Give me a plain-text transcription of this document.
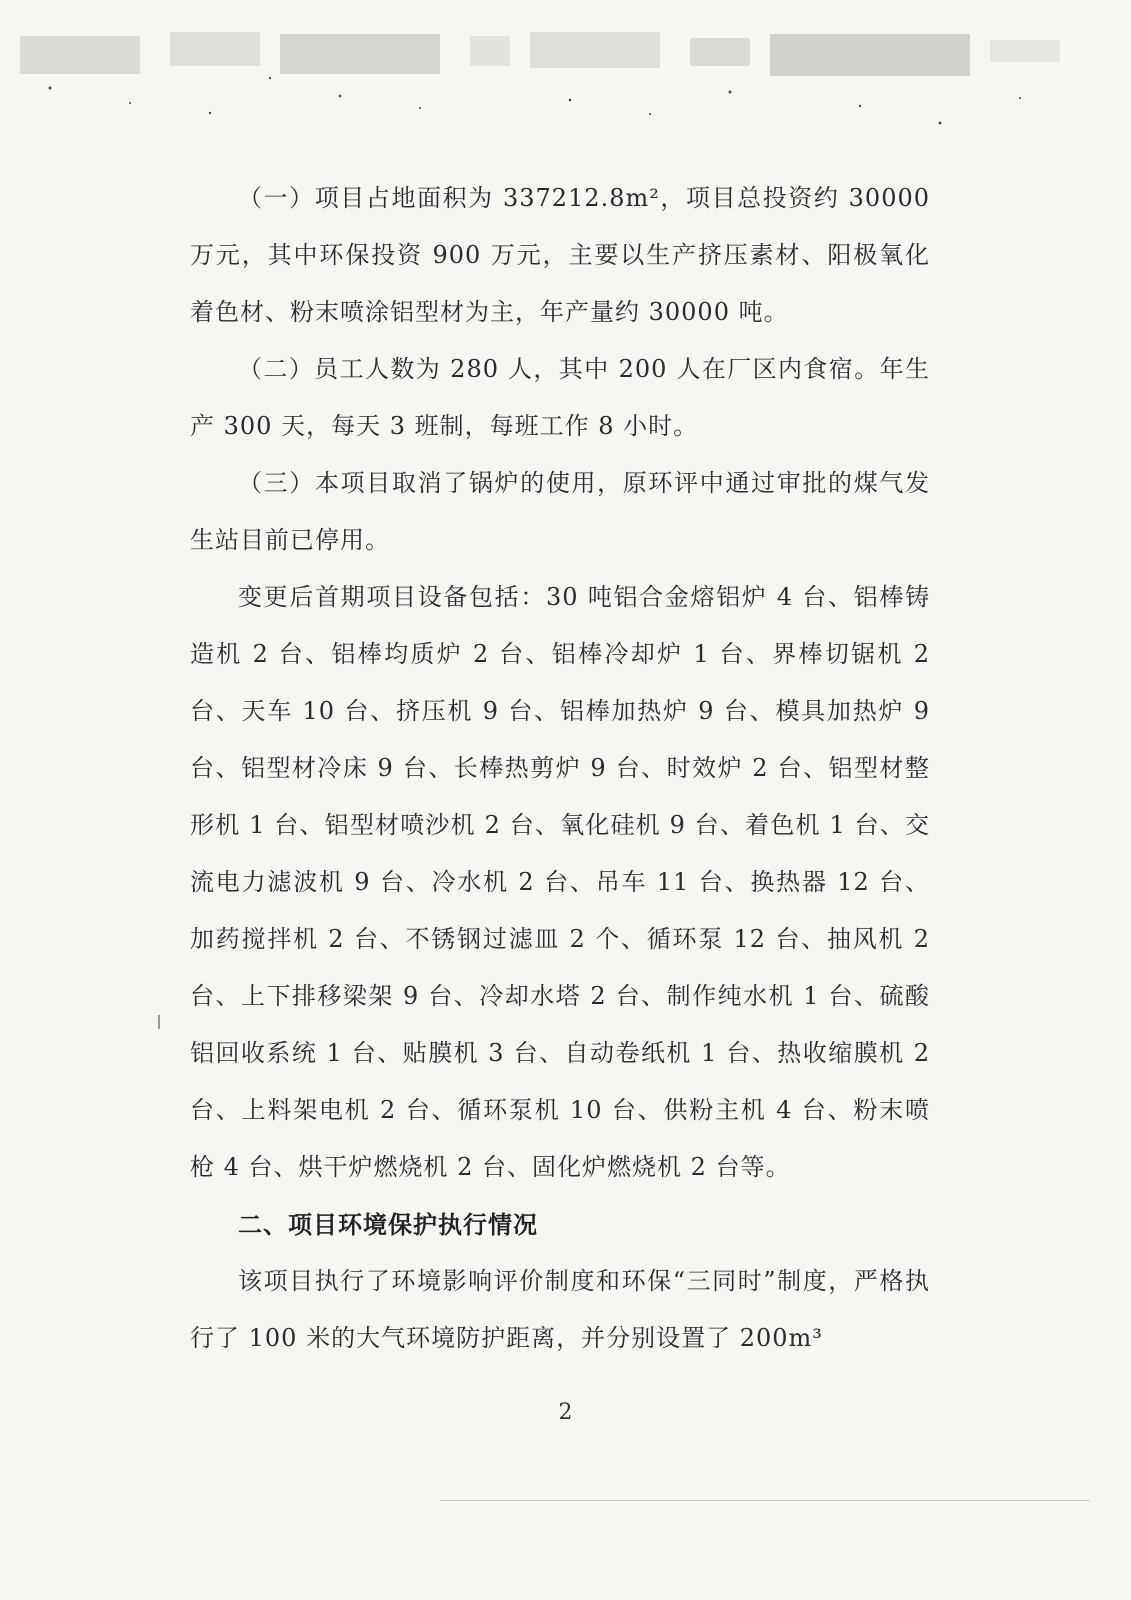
（一）项目占地面积为 337212.8m²，项目总投资约 30000 万元，其中环保投资 900 万元，主要以生产挤压素材、阳极氧化着色材、粉末喷涂铝型材为主，年产量约 30000 吨。

（二）员工人数为 280 人，其中 200 人在厂区内食宿。年生产 300 天，每天 3 班制，每班工作 8 小时。

（三）本项目取消了锅炉的使用，原环评中通过审批的煤气发生站目前已停用。

变更后首期项目设备包括：30 吨铝合金熔铝炉 4 台、铝棒铸造机 2 台、铝棒均质炉 2 台、铝棒冷却炉 1 台、界棒切锯机 2 台、天车 10 台、挤压机 9 台、铝棒加热炉 9 台、模具加热炉 9 台、铝型材冷床 9 台、长棒热剪炉 9 台、时效炉 2 台、铝型材整形机 1 台、铝型材喷沙机 2 台、氧化硅机 9 台、着色机 1 台、交流电力滤波机 9 台、冷水机 2 台、吊车 11 台、换热器 12 台、加药搅拌机 2 台、不锈钢过滤皿 2 个、循环泵 12 台、抽风机 2 台、上下排移梁架 9 台、冷却水塔 2 台、制作纯水机 1 台、硫酸铝回收系统 1 台、贴膜机 3 台、自动卷纸机 1 台、热收缩膜机 2 台、上料架电机 2 台、循环泵机 10 台、供粉主机 4 台、粉末喷枪 4 台、烘干炉燃烧机 2 台、固化炉燃烧机 2 台等。

二、项目环境保护执行情况

该项目执行了环境影响评价制度和环保“三同时”制度，严格执行了 100 米的大气环境防护距离，并分别设置了 200m³

2
